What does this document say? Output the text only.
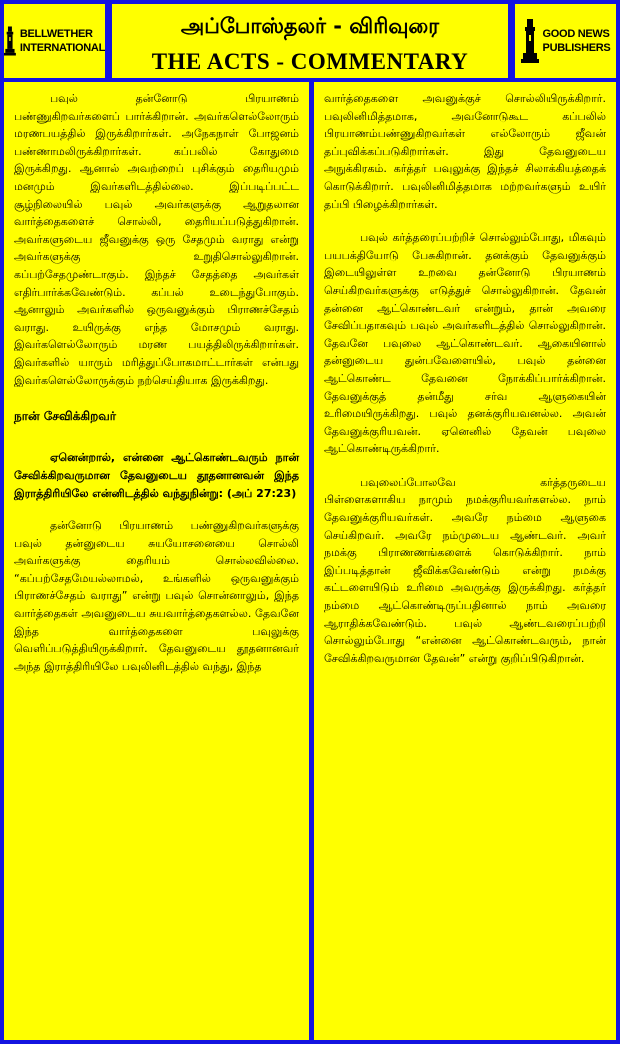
BELLWETHER
INTERNATIONAL
அப்போஸ்தலர் - விரிவுரை
THE ACTS - COMMENTARY
GOOD NEWS
PUBLISHERS

பவுல் தன்னோடு பிரயாணம் பண்ணுகிறவர்களைப் பார்க்கிறான். அவர்களெல்லோரும் மரணபயத்தில் இருக்கிறார்கள். அநேகநாள் போஜனம் பண்ணாமலிருக்கிறார்கள். கப்பலில் கோதுமை இருக்கிறது. ஆனால் அவற்றைப் புசிக்கும் தைரியமும் மனமும் இவர்களிடத்தில்லை. இப்படிப்பட்ட சூழ்நிலையில் பவுல் அவர்களுக்கு ஆறுதலான வார்த்தைகளைச் சொல்லி, தைரியப்படுத்துகிறான். அவர்களுடைய ஜீவனுக்கு ஒரு சேதமும் வராது என்று அவர்களுக்கு உறுதிசொல்லுகிறான். கப்பற்சேதமுண்டாகும். இந்தச் சேதத்தை அவர்கள் எதிர்பார்க்கவேண்டும். கப்பல் உடைந்துபோகும். ஆனாலும் அவர்களில் ஒருவனுக்கும் பிராணச்சேதம் வராது. உயிருக்கு எந்த மோசமும் வராது. இவர்களெல்லோரும் மரண பயத்திலிருக்கிறார்கள். இவர்களில் யாரும் மரித்துப்போகமாட்டார்கள் என்பது இவர்களெல்லோருக்கும் நற்செய்தியாக இருக்கிறது.

நான் சேவிக்கிறவர்

ஏனென்றால், என்னை ஆட்கொண்டவரும் நான் சேவிக்கிறவருமான தேவனுடைய தூதனானவன் இந்த இராத்திரியிலே என்னிடத்தில் வந்துநின்று: (அப் 27:23)

தன்னோடு பிரயாணம் பண்ணுகிறவர்களுக்கு பவுல் தன்னுடைய சுயயோசனையை சொல்லி அவர்களுக்கு தைரியம் சொல்லவில்லை. “கப்பற்சேதமேயல்லாமல், உங்களில் ஒருவனுக்கும் பிராணச்சேதம் வராது” என்று பவுல் சொன்னாலும், இந்த வார்த்தைகள் அவனுடைய சுயவார்த்தைகளல்ல. தேவனே இந்த வார்த்தைகளை பவுலுக்கு வெளிப்படுத்தியிருக்கிறார். தேவனுடைய தூதனானவர் அந்த இராத்திரியிலே பவுலினிடத்தில் வந்து, இந்த

வார்த்தைகளை அவனுக்குச் சொல்லியிருக்கிறார். பவுலினிமித்தமாக, அவனோடுகூட கப்பலில் பிரயாணம்பண்ணுகிறவர்கள் எல்லோரும் ஜீவன் தப்புவிக்கப்படுகிறார்கள். இது தேவனுடைய அநுக்கிரகம். கர்த்தர் பவுலுக்கு இந்தச் சிலாக்கியத்தைக் கொடுக்கிறார். பவுலினிமித்தமாக மற்றவர்களும் உயிர் தப்பி பிழைக்கிறார்கள்.

பவுல் கர்த்தரைப்பற்றிச் சொல்லும்போது, மிகவும் பயபக்தியோடு பேசுகிறான். தனக்கும் தேவனுக்கும் இடையிலுள்ள உறவை தன்னோடு பிரயாணம் செய்கிறவர்களுக்கு எடுத்துச் சொல்லுகிறான். தேவன் தன்னை ஆட்கொண்டவர் என்றும், தான் அவரை சேவிப்பதாகவும் பவுல் அவர்களிடத்தில் சொல்லுகிறான். தேவனே பவுலை ஆட்கொண்டவர். ஆகையினால் தன்னுடைய துன்பவேளையில், பவுல் தன்னை ஆட்கொண்ட தேவனை நோக்கிப்பார்க்கிறான். தேவனுக்குத் தன்மீது சர்வ ஆளுகையின் உரிமையிருக்கிறது. பவுல் தனக்குரியவனல்ல. அவன் தேவனுக்குரியவன். ஏனெனில் தேவன் பவுலை ஆட்கொண்டிருக்கிறார்.

பவுலைப்போலவே கர்த்தருடைய பிள்ளைகளாகிய நாமும் நமக்குரியவர்களல்ல. நாம் தேவனுக்குரியவர்கள். அவரே நம்மை ஆளுகை செய்கிறவர். அவரே நம்முடைய ஆண்டவர். அவர் நமக்கு பிராணணங்களைக் கொடுக்கிறார். நாம் இப்படித்தான் ஜீவிக்கவேண்டும் என்று நமக்கு கட்டளையிடும் உரிமை அவருக்கு இருக்கிறது. கர்த்தர் நம்மை ஆட்கொண்டிருப்பதினால் நாம் அவரை ஆராதிக்கவேண்டும். பவுல் ஆண்டவரைப்பற்றி சொல்லும்போது “என்னை ஆட்கொண்டவரும், நான் சேவிக்கிறவருமான தேவன்” என்று குறிப்பிடுகிறான்.
